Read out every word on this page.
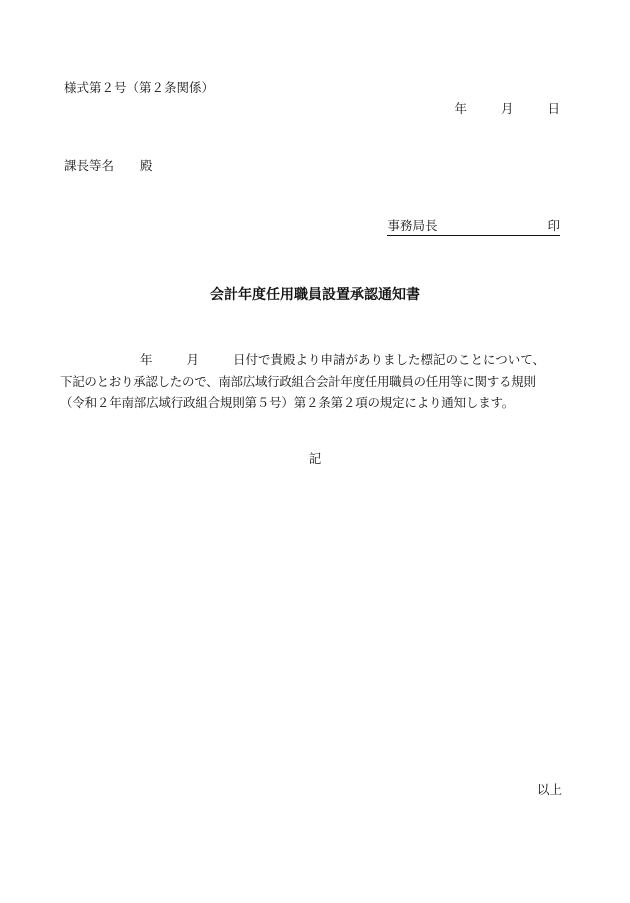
様式第２号（第２条関係）
年	月	日
課長等名 殿
事務局長	印
会計年度任用職員設置承認通知書
年	月	日付で貴殿より申請がありました標記のことについて、
下記のとおり承認したので、南部広域行政組合会計年度任用職員の任用等に関する規則
（令和２年南部広域行政組合規則第５号）第２条第２項の規定により通知します。
記
以上
